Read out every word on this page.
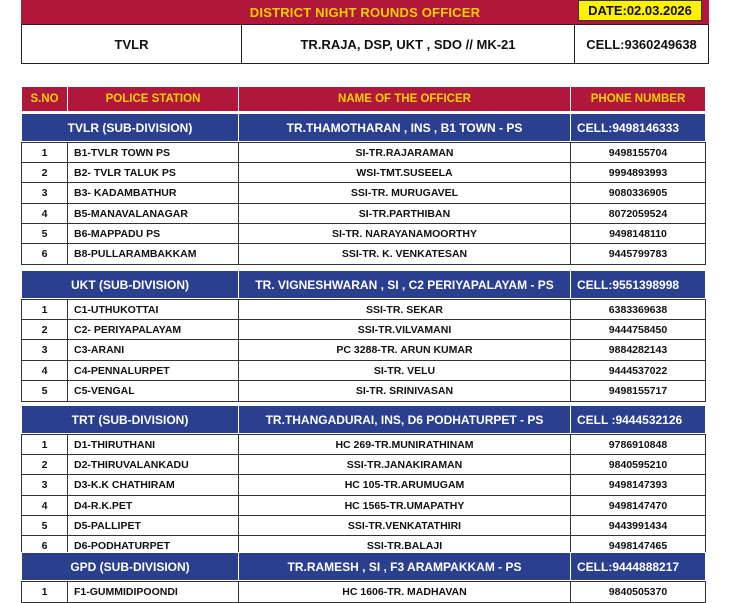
DISTRICT NIGHT ROUNDS OFFICER	DATE:02.03.2026
TVLR	TR.RAJA, DSP, UKT , SDO // MK-21	CELL:9360249638
S.NO	POLICE STATION	NAME OF THE OFFICER	PHONE NUMBER
TVLR (SUB-DIVISION)	TR.THAMOTHARAN , INS , B1 TOWN - PS	CELL:9498146333
1	B1-TVLR TOWN PS	SI-TR.RAJARAMAN	9498155704
2	B2- TVLR TALUK PS	WSI-TMT.SUSEELA	9994893993
3	B3- KADAMBATHUR	SSI-TR. MURUGAVEL	9080336905
4	B5-MANAVALANAGAR	SI-TR.PARTHIBAN	8072059524
5	B6-MAPPADU PS	SI-TR. NARAYANAMOORTHY	9498148110
6	B8-PULLARAMBAKKAM	SSI-TR. K. VENKATESAN	9445799783
UKT (SUB-DIVISION)	TR. VIGNESHWARAN , SI , C2 PERIYAPALAYAM - PS	CELL:9551398998
1	C1-UTHUKOTTAI	SSI-TR. SEKAR	6383369638
2	C2- PERIYAPALAYAM	SSI-TR.VILVAMANI	9444758450
3	C3-ARANI	PC 3288-TR. ARUN KUMAR	9884282143
4	C4-PENNALURPET	SI-TR. VELU	9444537022
5	C5-VENGAL	SI-TR. SRINIVASAN	9498155717
TRT (SUB-DIVISION)	TR.THANGADURAI, INS, D6 PODHATURPET - PS	CELL :9444532126
1	D1-THIRUTHANI	HC 269-TR.MUNIRATHINAM	9786910848
2	D2-THIRUVALANKADU	SSI-TR.JANAKIRAMAN	9840595210
3	D3-K.K CHATHIRAM	HC 105-TR.ARUMUGAM	9498147393
4	D4-R.K.PET	HC 1565-TR.UMAPATHY	9498147470
5	D5-PALLIPET	SSI-TR.VENKATATHIRI	9443991434
6	D6-PODHATURPET	SSI-TR.BALAJI	9498147465
GPD (SUB-DIVISION)	TR.RAMESH , SI , F3 ARAMPAKKAM - PS	CELL:9444888217
1	F1-GUMMIDIPOONDI	HC 1606-TR. MADHAVAN	9840505370
